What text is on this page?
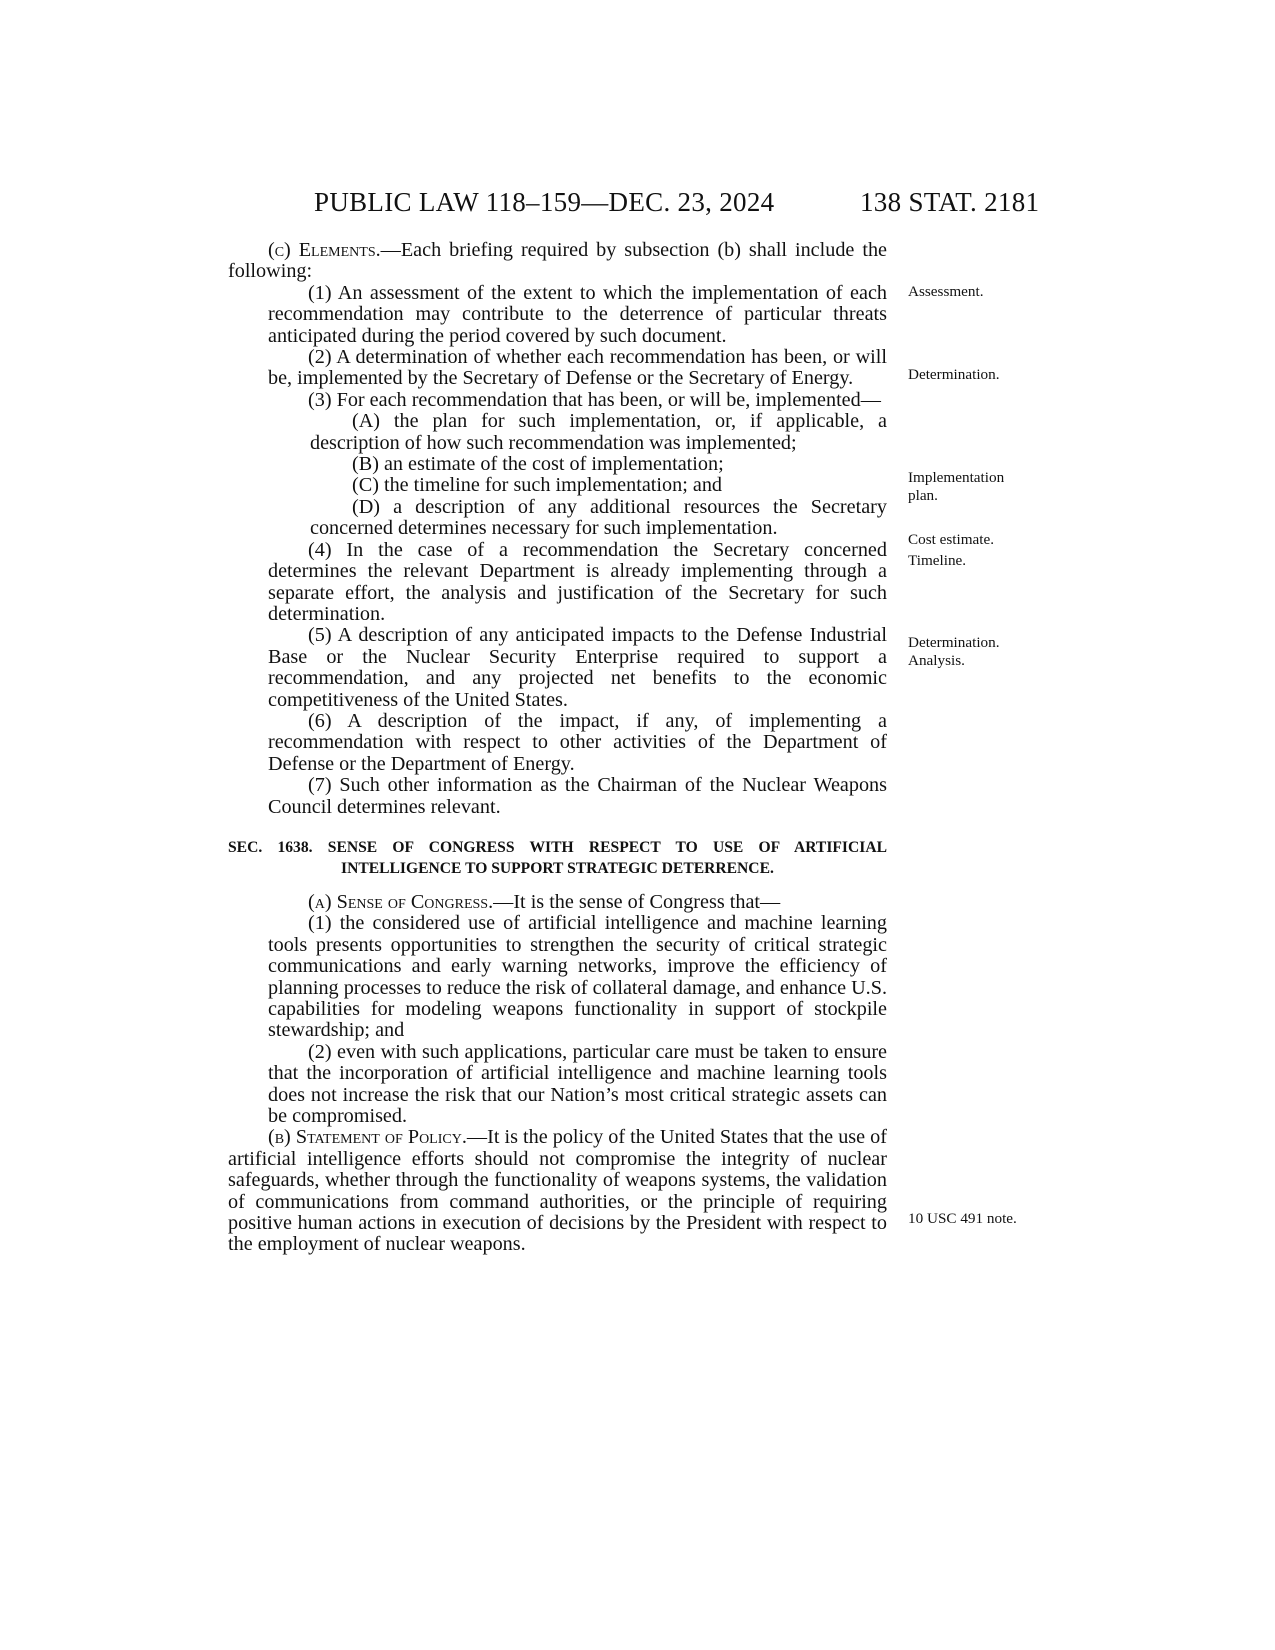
PUBLIC LAW 118–159—DEC. 23, 2024	138 STAT. 2181

(c) Elements.—Each briefing required by subsection (b) shall include the following:

(1) An assessment of the extent to which the implementation of each recommendation may contribute to the deterrence of particular threats anticipated during the period covered by such document.

(2) A determination of whether each recommendation has been, or will be, implemented by the Secretary of Defense or the Secretary of Energy.

(3) For each recommendation that has been, or will be, implemented—

(A) the plan for such implementation, or, if applicable, a description of how such recommendation was implemented;

(B) an estimate of the cost of implementation;

(C) the timeline for such implementation; and

(D) a description of any additional resources the Secretary concerned determines necessary for such implementation.

(4) In the case of a recommendation the Secretary concerned determines the relevant Department is already implementing through a separate effort, the analysis and justification of the Secretary for such determination.

(5) A description of any anticipated impacts to the Defense Industrial Base or the Nuclear Security Enterprise required to support a recommendation, and any projected net benefits to the economic competitiveness of the United States.

(6) A description of the impact, if any, of implementing a recommendation with respect to other activities of the Department of Defense or the Department of Energy.

(7) Such other information as the Chairman of the Nuclear Weapons Council determines relevant.

SEC. 1638. SENSE OF CONGRESS WITH RESPECT TO USE OF ARTIFICIAL INTELLIGENCE TO SUPPORT STRATEGIC DETERRENCE.

(a) Sense of Congress.—It is the sense of Congress that—

(1) the considered use of artificial intelligence and machine learning tools presents opportunities to strengthen the security of critical strategic communications and early warning networks, improve the efficiency of planning processes to reduce the risk of collateral damage, and enhance U.S. capabilities for modeling weapons functionality in support of stockpile stewardship; and

(2) even with such applications, particular care must be taken to ensure that the incorporation of artificial intelligence and machine learning tools does not increase the risk that our Nation’s most critical strategic assets can be compromised.

(b) Statement of Policy.—It is the policy of the United States that the use of artificial intelligence efforts should not compromise the integrity of nuclear safeguards, whether through the functionality of weapons systems, the validation of communications from command authorities, or the principle of requiring positive human actions in execution of decisions by the President with respect to the employment of nuclear weapons.

Assessment.
Determination.
Implementation
plan.
Cost estimate.
Timeline.
Determination.
Analysis.
10 USC 491 note.
